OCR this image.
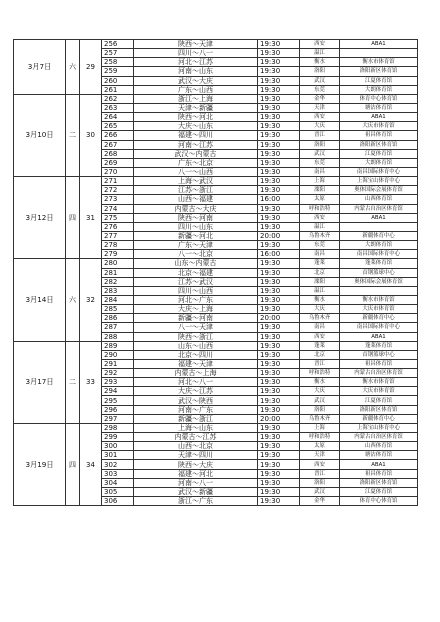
3月7日	六	29	256	陕西～天津	19:30	西安	ABA1
			257	四川～八一	19:30	温江	
			258	河北～江苏	19:30	衡水	衡水市体育馆
			259	河南～山东	19:30	洛阳	洛阳新区体育馆
			260	武汉～大庆	19:30	武汉	江夏体育馆
			261	广东～山西	19:30	东莞	大朗体育馆
3月10日	二	30	262	浙江～上海	19:30	金华	体育中心体育馆
			263	天津～新疆	19:30	天津	塘沽体育馆
			264	陕西～河北	19:30	西安	ABA1
			265	大庆～山东	19:30	大庆	大庆市体育馆
			266	福建～四川	19:30	晋江	祖昌体育馆
			267	河南～江苏	19:30	洛阳	洛阳新区体育馆
			268	武汉～内蒙古	19:30	武汉	江夏体育馆
			269	广东～北京	19:30	东莞	大朗体育馆
			270	八一～山西	19:30	南昌	南昌国际体育中心
3月12日	四	31	271	上海～武汉	19:30	上海	上海宝山体育中心
			272	江苏～浙江	19:30	溧阳	奥体国际会展体育馆
			273	山西～福建	16:00	太原	山西体育馆
			274	内蒙古～大庆	19:30	呼和浩特	内蒙古自治区体育馆
			275	陕西～河南	19:30	西安	ABA1
			276	四川～山东	19:30	温江	
			277	新疆～河北	20:00	乌鲁木齐	新疆体育中心
			278	广东～天津	19:30	东莞	大朗体育馆
			279	八一～北京	16:00	南昌	南昌国际体育中心
3月14日	六	32	280	山东～内蒙古	19:30	蓬莱	蓬莱体育馆
			281	北京～福建	19:30	北京	首钢篮球中心
			282	江苏～武汉	19:30	溧阳	奥体国际会展体育馆
			283	四川～山西	19:30	温江	
			284	河北～广东	19:30	衡水	衡水市体育馆
			285	大庆～上海	19:30	大庆	大庆市体育馆
			286	新疆～河南	20:00	乌鲁木齐	新疆体育中心
			287	八一～天津	19:30	南昌	南昌国际体育中心
			288	陕西～浙江	19:30	西安	ABA1
3月17日	二	33	289	山东～山西	19:30	蓬莱	蓬莱体育馆
			290	北京～四川	19:30	北京	首钢篮球中心
			291	福建～天津	19:30	晋江	祖昌体育馆
			292	内蒙古～上海	19:30	呼和浩特	内蒙古自治区体育馆
			293	河北～八一	19:30	衡水	衡水市体育馆
			294	大庆～江苏	19:30	大庆	大庆市体育馆
			295	武汉～陕西	19:30	武汉	江夏体育馆
			296	河南～广东	19:30	洛阳	洛阳新区体育馆
			297	新疆～浙江	20:00	乌鲁木齐	新疆体育中心
3月19日	四	34	298	上海～山东	19:30	上海	上海宝山体育中心
			299	内蒙古～江苏	19:30	呼和浩特	内蒙古自治区体育馆
			300	山西～北京	19:30	太原	山西体育馆
			301	天津～四川	19:30	天津	塘沽体育馆
			302	陕西～大庆	19:30	西安	ABA1
			303	福建～河北	19:30	晋江	祖昌体育馆
			304	河南～八一	19:30	洛阳	洛阳新区体育馆
			305	武汉～新疆	19:30	武汉	江夏体育馆
			306	浙江～广东	19:30	金华	体育中心体育馆
